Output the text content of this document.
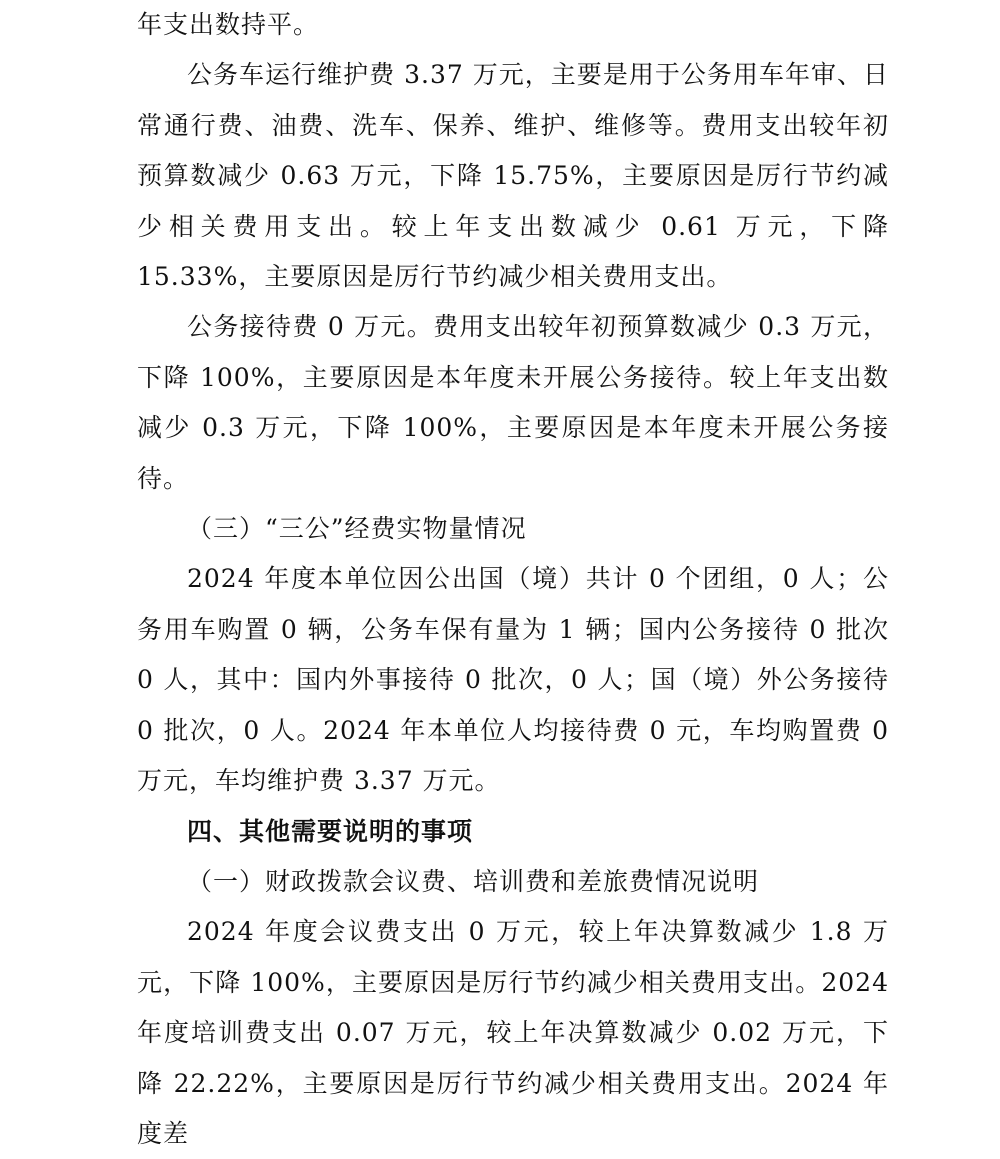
年支出数持平。

公务车运行维护费 3.37 万元，主要是用于公务用车年审、日常通行费、油费、洗车、保养、维护、维修等。费用支出较年初预算数减少 0.63 万元，下降 15.75%，主要原因是厉行节约减少相关费用支出。较上年支出数减少 0.61 万元，下降 15.33%，主要原因是厉行节约减少相关费用支出。

公务接待费 0 万元。费用支出较年初预算数减少 0.3 万元，下降 100%，主要原因是本年度未开展公务接待。较上年支出数减少 0.3 万元，下降 100%，主要原因是本年度未开展公务接待。

（三）“三公”经费实物量情况

2024 年度本单位因公出国（境）共计 0 个团组，0 人；公务用车购置 0 辆，公务车保有量为 1 辆；国内公务接待 0 批次 0 人，其中：国内外事接待 0 批次，0 人；国（境）外公务接待 0 批次，0 人。2024 年本单位人均接待费 0 元，车均购置费 0 万元，车均维护费 3.37 万元。

四、其他需要说明的事项

（一）财政拨款会议费、培训费和差旅费情况说明

2024 年度会议费支出 0 万元，较上年决算数减少 1.8 万元，下降 100%，主要原因是厉行节约减少相关费用支出。2024 年度培训费支出 0.07 万元，较上年决算数减少 0.02 万元，下降 22.22%，主要原因是厉行节约减少相关费用支出。2024 年度差
